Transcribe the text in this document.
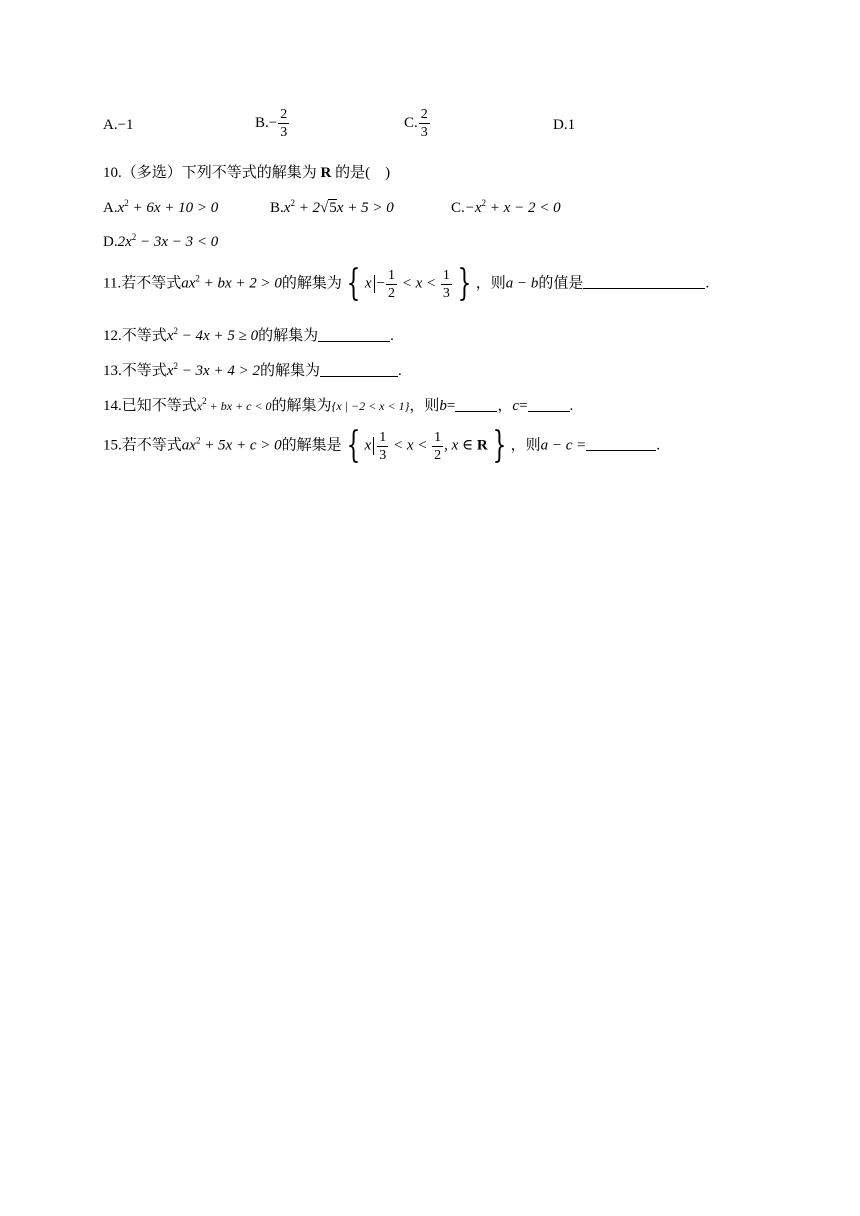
A.−1	$B.- \frac{2}{3}$	C. $\frac{2}{3}$	D.1
10.（多选）下列不等式的解集为 R 的是(　)
$A.x^2 + 6x + 10 > 0$	$B.x^2 + 2√5x + 5 > 0$	$C.-x^2 + x - 2 < 0$
$D.2x^2 - 3x - 3 < 0$
11.若不等式$ax^2$ + bx + 2 > 0的解集为 { $x - \frac{1}{2} < x < \frac{1}{3}$ } ，则a − b的值是	.
12.不等式$x^2 - 4x + 5 \ge 0$的解集为	.
13.不等式$x^2 - 3x + 4 > 2$的解集为	.
14.已知不等式$x^2$ + bx + c < 0的解集为{x | −2 < x < 1}，则b=	，c=	.
15.若不等式$ax^2 + 5x + c > 0$的解集是 { x $\frac{1}{3} < x < \frac{1}{2}$ , x ∈ R } ，则a − c =	.
